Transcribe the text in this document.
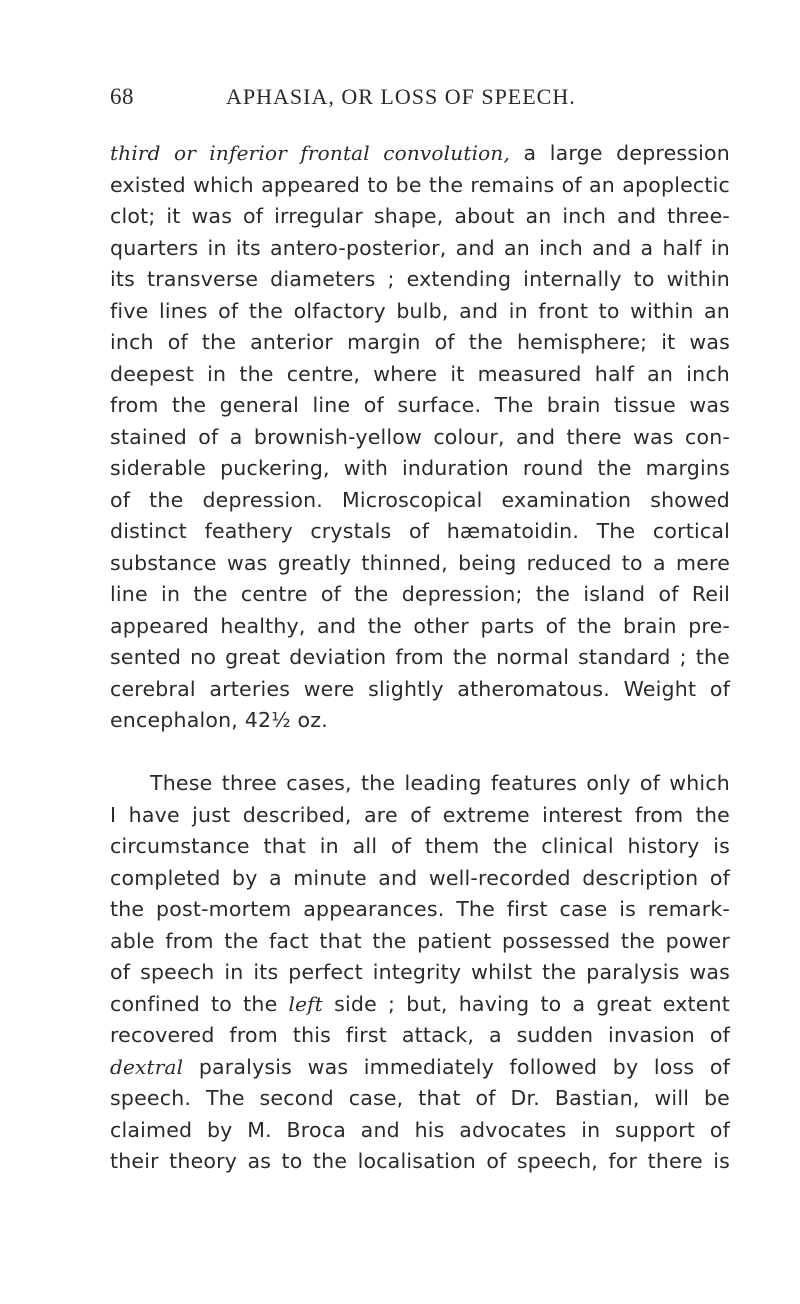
68	APHASIA, OR LOSS OF SPEECH.
third or inferior frontal convolution, a large depression
existed which appeared to be the remains of an apoplectic
clot; it was of irregular shape, about an inch and three-
quarters in its antero-posterior, and an inch and a half in
its transverse diameters ; extending internally to within
five lines of the olfactory bulb, and in front to within an
inch of the anterior margin of the hemisphere; it was
deepest in the centre, where it measured half an inch
from the general line of surface. The brain tissue was
stained of a brownish-yellow colour, and there was con-
siderable puckering, with induration round the margins
of the depression. Microscopical examination showed
distinct feathery crystals of hæmatoidin. The cortical
substance was greatly thinned, being reduced to a mere
line in the centre of the depression; the island of Reil
appeared healthy, and the other parts of the brain pre-
sented no great deviation from the normal standard ; the
cerebral arteries were slightly atheromatous. Weight of
encephalon, 42½ oz.
These three cases, the leading features only of which
I have just described, are of extreme interest from the
circumstance that in all of them the clinical history is
completed by a minute and well-recorded description of
the post-mortem appearances. The first case is remark-
able from the fact that the patient possessed the power
of speech in its perfect integrity whilst the paralysis was
confined to the left side ; but, having to a great extent
recovered from this first attack, a sudden invasion of
dextral paralysis was immediately followed by loss of
speech. The second case, that of Dr. Bastian, will be
claimed by M. Broca and his advocates in support of
their theory as to the localisation of speech, for there is
